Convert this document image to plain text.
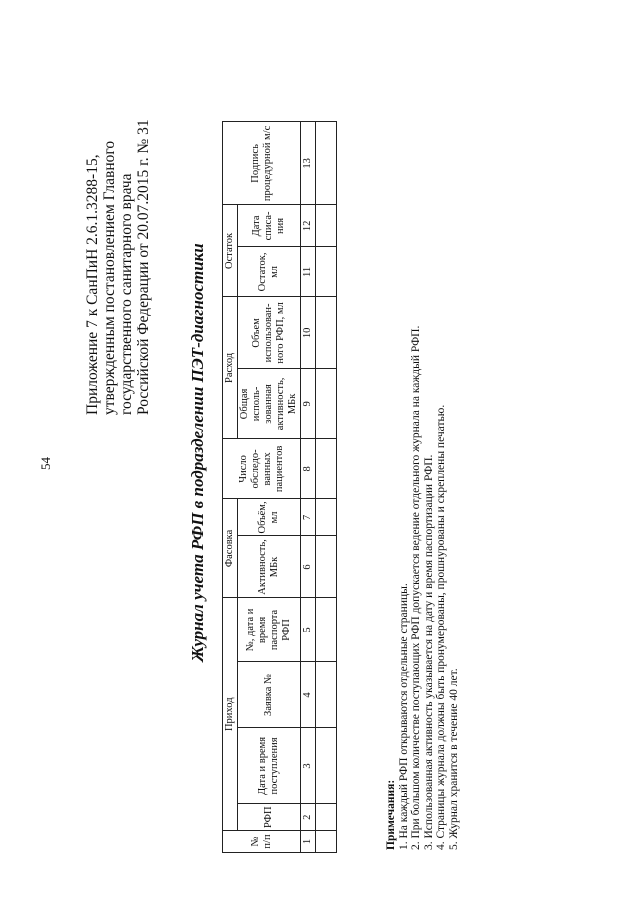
54
Приложение 7 к СанПиН 2.6.1.3288-15, утвержденным постановлением Главного государственного санитарного врача Российской Федерации от 20.07.2015 г. № 31 Журнал учета РФП в подразделении ПЭТ-диагностики
№ п/п	Приход				Фасовка		Число обследо-ванных пациентов	Расход		Остаток		Подпись процедурной м/с
	РФП	Дата и время поступления	Заявка №	№, дата и время паспорта РФП				Общая исполь-зованная активность, МБк	Объем использован-ного РФП, мл	Остаток, мл	Дата списа-ния	
					Активность, МБк	Объём, мл						
1	2	3	4	5	6	7	8	9	10	11	12	13

Примечания: 1. На каждый РФП открываются отдельные страницы. 2. При большом количестве поступающих РФП допускается ведение отдельного журнала на каждый РФП. 3. Использованная активность указывается на дату и время паспортизации РФП. 4. Страницы журнала должны быть пронумерованы, прошнурованы и скреплены печатью. 5. Журнал хранится в течение 40 лет.
